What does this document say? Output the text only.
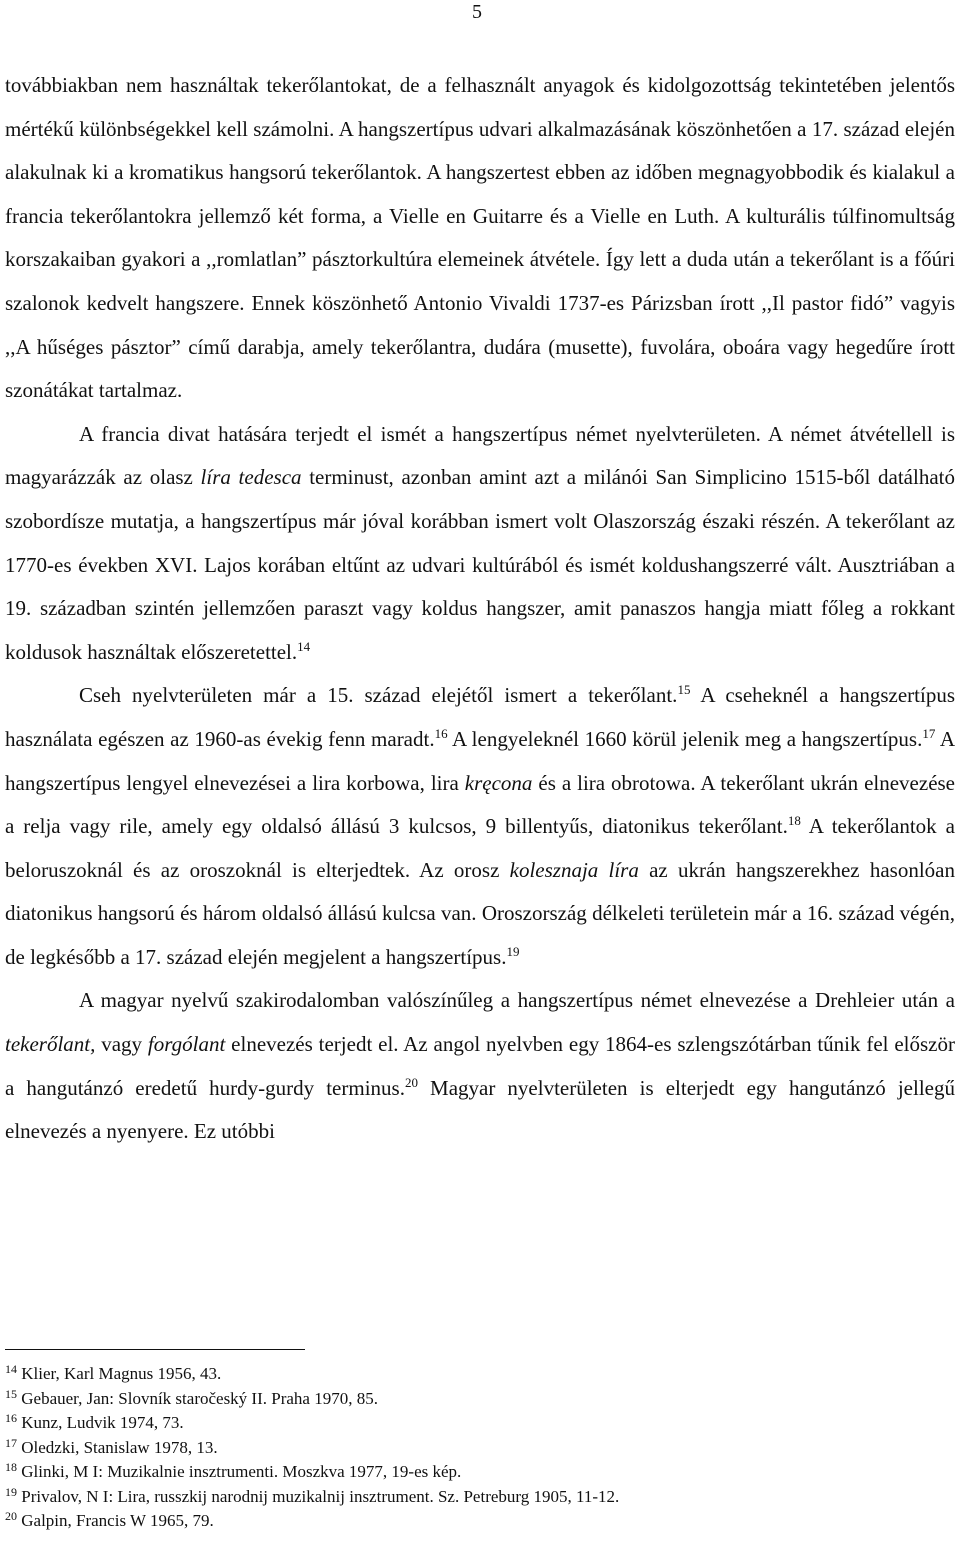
5

továbbiakban nem használtak tekerőlantokat, de a felhasznált anyagok és kidolgozottság tekintetében jelentős mértékű különbségekkel kell számolni. A hangszertípus udvari alkalmazásának köszönhetően a 17. század elején alakulnak ki a kromatikus hangsorú tekerőlantok. A hangszertest ebben az időben megnagyobbodik és kialakul a francia tekerőlantokra jellemző két forma, a Vielle en Guitarre és a Vielle en Luth. A kulturális túlfinomultság korszakaiban gyakori a ,,romlatlan” pásztorkultúra elemeinek átvétele. Így lett a duda után a tekerőlant is a főúri szalonok kedvelt hangszere. Ennek köszönhető Antonio Vivaldi 1737-es Párizsban írott ,,Il pastor fidó” vagyis ,,A hűséges pásztor” című darabja, amely tekerőlantra, dudára (musette), fuvolára, oboára vagy hegedűre írott szonátákat tartalmaz.

A francia divat hatására terjedt el ismét a hangszertípus német nyelvterületen. A német átvétellell is magyarázzák az olasz líra tedesca terminust, azonban amint azt a milánói San Simplicino 1515-ből datálható szobordísze mutatja, a hangszertípus már jóval korábban ismert volt Olaszország északi részén. A tekerőlant az 1770-es években XVI. Lajos korában eltűnt az udvari kultúrából és ismét koldushangszerré vált. Ausztriában a 19. században szintén jellemzően paraszt vagy koldus hangszer, amit panaszos hangja miatt főleg a rokkant koldusok használtak előszeretettel.$^{14}$

Cseh nyelvterületen már a 15. század elejétől ismert a tekerőlant.$^{15}$ A cseheknél a hangszertípus használata egészen az 1960-as évekig fenn maradt.$^{16}$ A lengyeleknél 1660 körül jelenik meg a hangszertípus.$^{17}$ A hangszertípus lengyel elnevezései a lira korbowa, lira kręcona és a lira obrotowa. A tekerőlant ukrán elnevezése a relja vagy rile, amely egy oldalsó állású 3 kulcsos, 9 billentyűs, diatonikus tekerőlant.$^{18}$ A tekerőlantok a beloruszoknál és az oroszoknál is elterjedtek. Az orosz kolesznaja líra az ukrán hangszerekhez hasonlóan diatonikus hangsorú és három oldalsó állású kulcsa van. Oroszország délkeleti területein már a 16. század végén, de legkésőbb a 17. század elején megjelent a hangszertípus.$^{19}$

A magyar nyelvű szakirodalomban valószínűleg a hangszertípus német elnevezése a Drehleier után a tekerőlant, vagy forgólant elnevezés terjedt el. Az angol nyelvben egy 1864-es szlengszótárban tűnik fel először a hangutánzó eredetű hurdy-gurdy terminus.$^{20}$ Magyar nyelvterületen is elterjedt egy hangutánzó jellegű elnevezés a nyenyere. Ez utóbbi

$^{14}$ Klier, Karl Magnus 1956, 43.

$^{15}$ Gebauer, Jan: Slovník staročeský II. Praha 1970, 85.

$^{16}$ Kunz, Ludvik 1974, 73.

$^{17}$ Oledzki, Stanislaw 1978, 13.

$^{18}$ Glinki, M I: Muzikalnie insztrumenti. Moszkva 1977, 19-es kép.

$^{19}$ Privalov, N I: Lira, russzkij narodnij muzikalnij insztrument. Sz. Petreburg 1905, 11-12.

$^{20}$ Galpin, Francis W 1965, 79.
